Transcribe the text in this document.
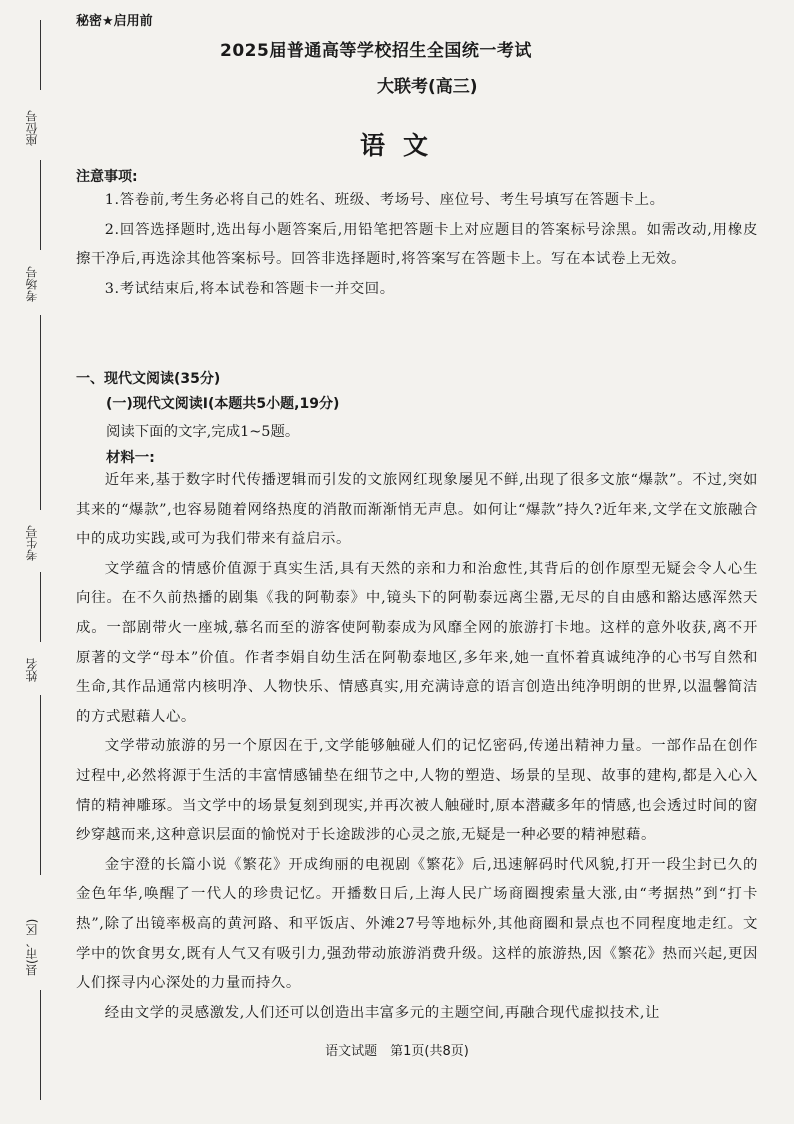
座位号
考场号
考生号
姓名
县(市、区)
秘密★启用前
2025届普通高等学校招生全国统一考试
大联考(高三)
语文
注意事项:

1.答卷前,考生务必将自己的姓名、班级、考场号、座位号、考生号填写在答题卡上。

2.回答选择题时,选出每小题答案后,用铅笔把答题卡上对应题目的答案标号涂黑。如需改动,用橡皮擦干净后,再选涂其他答案标号。回答非选择题时,将答案写在答题卡上。写在本试卷上无效。

3.考试结束后,将本试卷和答题卡一并交回。

一、现代文阅读(35分)
(一)现代文阅读Ⅰ(本题共5小题,19分)
阅读下面的文字,完成1~5题。
材料一:

近年来,基于数字时代传播逻辑而引发的文旅网红现象屡见不鲜,出现了很多文旅“爆款”。不过,突如其来的“爆款”,也容易随着网络热度的消散而渐渐悄无声息。如何让“爆款”持久?近年来,文学在文旅融合中的成功实践,或可为我们带来有益启示。

文学蕴含的情感价值源于真实生活,具有天然的亲和力和治愈性,其背后的创作原型无疑会令人心生向往。在不久前热播的剧集《我的阿勒泰》中,镜头下的阿勒泰远离尘嚣,无尽的自由感和豁达感浑然天成。一部剧带火一座城,慕名而至的游客使阿勒泰成为风靡全网的旅游打卡地。这样的意外收获,离不开原著的文学“母本”价值。作者李娟自幼生活在阿勒泰地区,多年来,她一直怀着真诚纯净的心书写自然和生命,其作品通常内核明净、人物快乐、情感真实,用充满诗意的语言创造出纯净明朗的世界,以温馨简洁的方式慰藉人心。

文学带动旅游的另一个原因在于,文学能够触碰人们的记忆密码,传递出精神力量。一部作品在创作过程中,必然将源于生活的丰富情感铺垫在细节之中,人物的塑造、场景的呈现、故事的建构,都是入心入情的精神雕琢。当文学中的场景复刻到现实,并再次被人触碰时,原本潜藏多年的情感,也会透过时间的窗纱穿越而来,这种意识层面的愉悦对于长途跋涉的心灵之旅,无疑是一种必要的精神慰藉。

金宇澄的长篇小说《繁花》开成绚丽的电视剧《繁花》后,迅速解码时代风貌,打开一段尘封已久的金色年华,唤醒了一代人的珍贵记忆。开播数日后,上海人民广场商圈搜索量大涨,由“考据热”到“打卡热”,除了出镜率极高的黄河路、和平饭店、外滩27号等地标外,其他商圈和景点也不同程度地走红。文学中的饮食男女,既有人气又有吸引力,强劲带动旅游消费升级。这样的旅游热,因《繁花》热而兴起,更因人们探寻内心深处的力量而持久。

经由文学的灵感激发,人们还可以创造出丰富多元的主题空间,再融合现代虚拟技术,让

语文试题　第1页(共8页)
